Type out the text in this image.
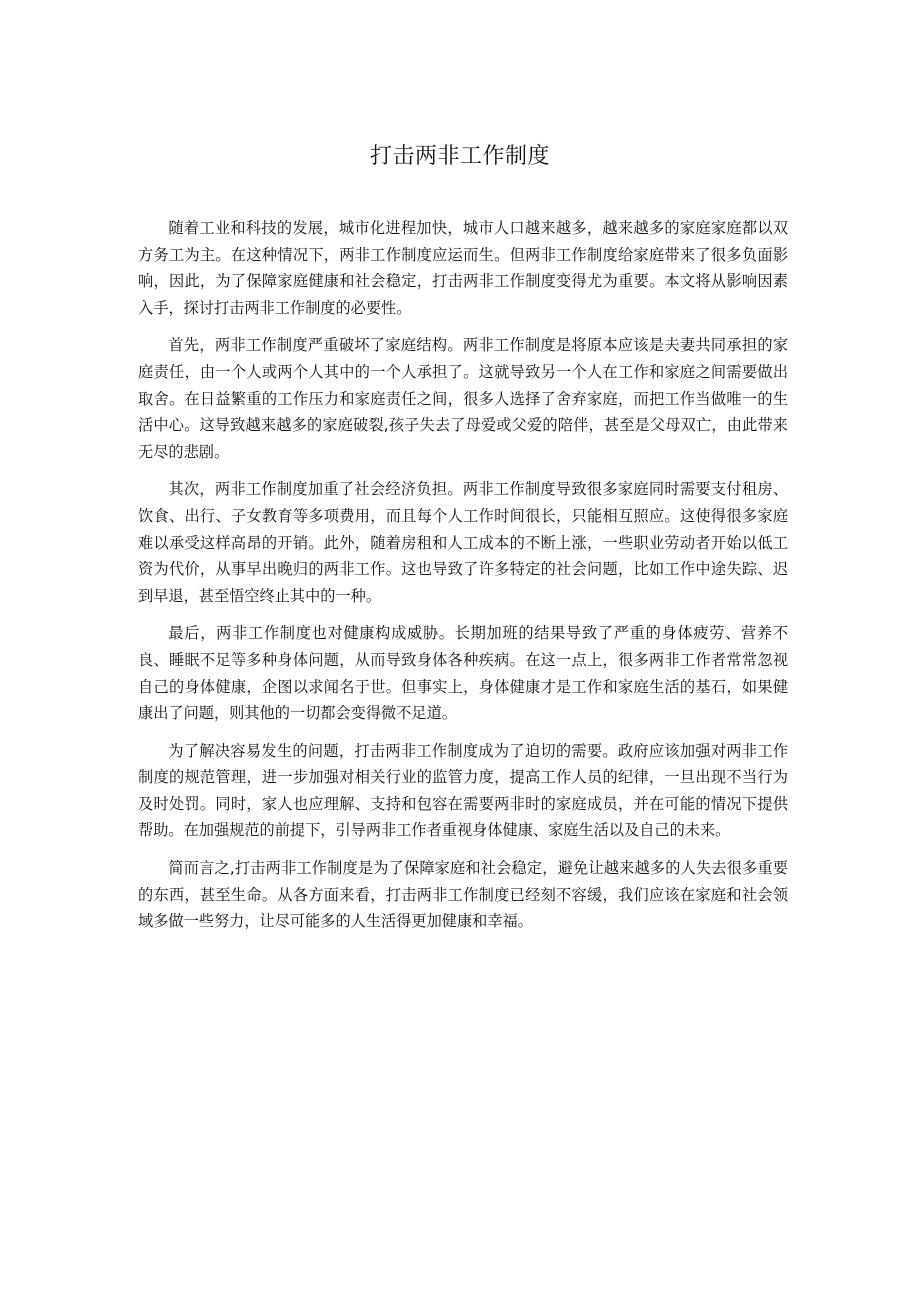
打击两非工作制度

随着工业和科技的发展，城市化进程加快，城市人口越来越多，越来越多的家庭家庭都以双方务工为主。在这种情况下，两非工作制度应运而生。但两非工作制度给家庭带来了很多负面影响，因此，为了保障家庭健康和社会稳定，打击两非工作制度变得尤为重要。本文将从影响因素入手，探讨打击两非工作制度的必要性。

首先，两非工作制度严重破坏了家庭结构。两非工作制度是将原本应该是夫妻共同承担的家庭责任，由一个人或两个人其中的一个人承担了。这就导致另一个人在工作和家庭之间需要做出取舍。在日益繁重的工作压力和家庭责任之间，很多人选择了舍弃家庭，而把工作当做唯一的生活中心。这导致越来越多的家庭破裂,孩子失去了母爱或父爱的陪伴，甚至是父母双亡，由此带来无尽的悲剧。

其次，两非工作制度加重了社会经济负担。两非工作制度导致很多家庭同时需要支付租房、饮食、出行、子女教育等多项费用，而且每个人工作时间很长，只能相互照应。这使得很多家庭难以承受这样高昂的开销。此外，随着房租和人工成本的不断上涨，一些职业劳动者开始以低工资为代价，从事早出晚归的两非工作。这也导致了许多特定的社会问题，比如工作中途失踪、迟到早退，甚至悟空终止其中的一种。

最后，两非工作制度也对健康构成威胁。长期加班的结果导致了严重的身体疲劳、营养不良、睡眠不足等多种身体问题，从而导致身体各种疾病。在这一点上，很多两非工作者常常忽视自己的身体健康，企图以求闻名于世。但事实上，身体健康才是工作和家庭生活的基石，如果健康出了问题，则其他的一切都会变得微不足道。

为了解决容易发生的问题，打击两非工作制度成为了迫切的需要。政府应该加强对两非工作制度的规范管理，进一步加强对相关行业的监管力度，提高工作人员的纪律，一旦出现不当行为及时处罚。同时，家人也应理解、支持和包容在需要两非时的家庭成员，并在可能的情况下提供帮助。在加强规范的前提下，引导两非工作者重视身体健康、家庭生活以及自己的未来。

简而言之,打击两非工作制度是为了保障家庭和社会稳定，避免让越来越多的人失去很多重要的东西，甚至生命。从各方面来看，打击两非工作制度已经刻不容缓，我们应该在家庭和社会领域多做一些努力，让尽可能多的人生活得更加健康和幸福。
